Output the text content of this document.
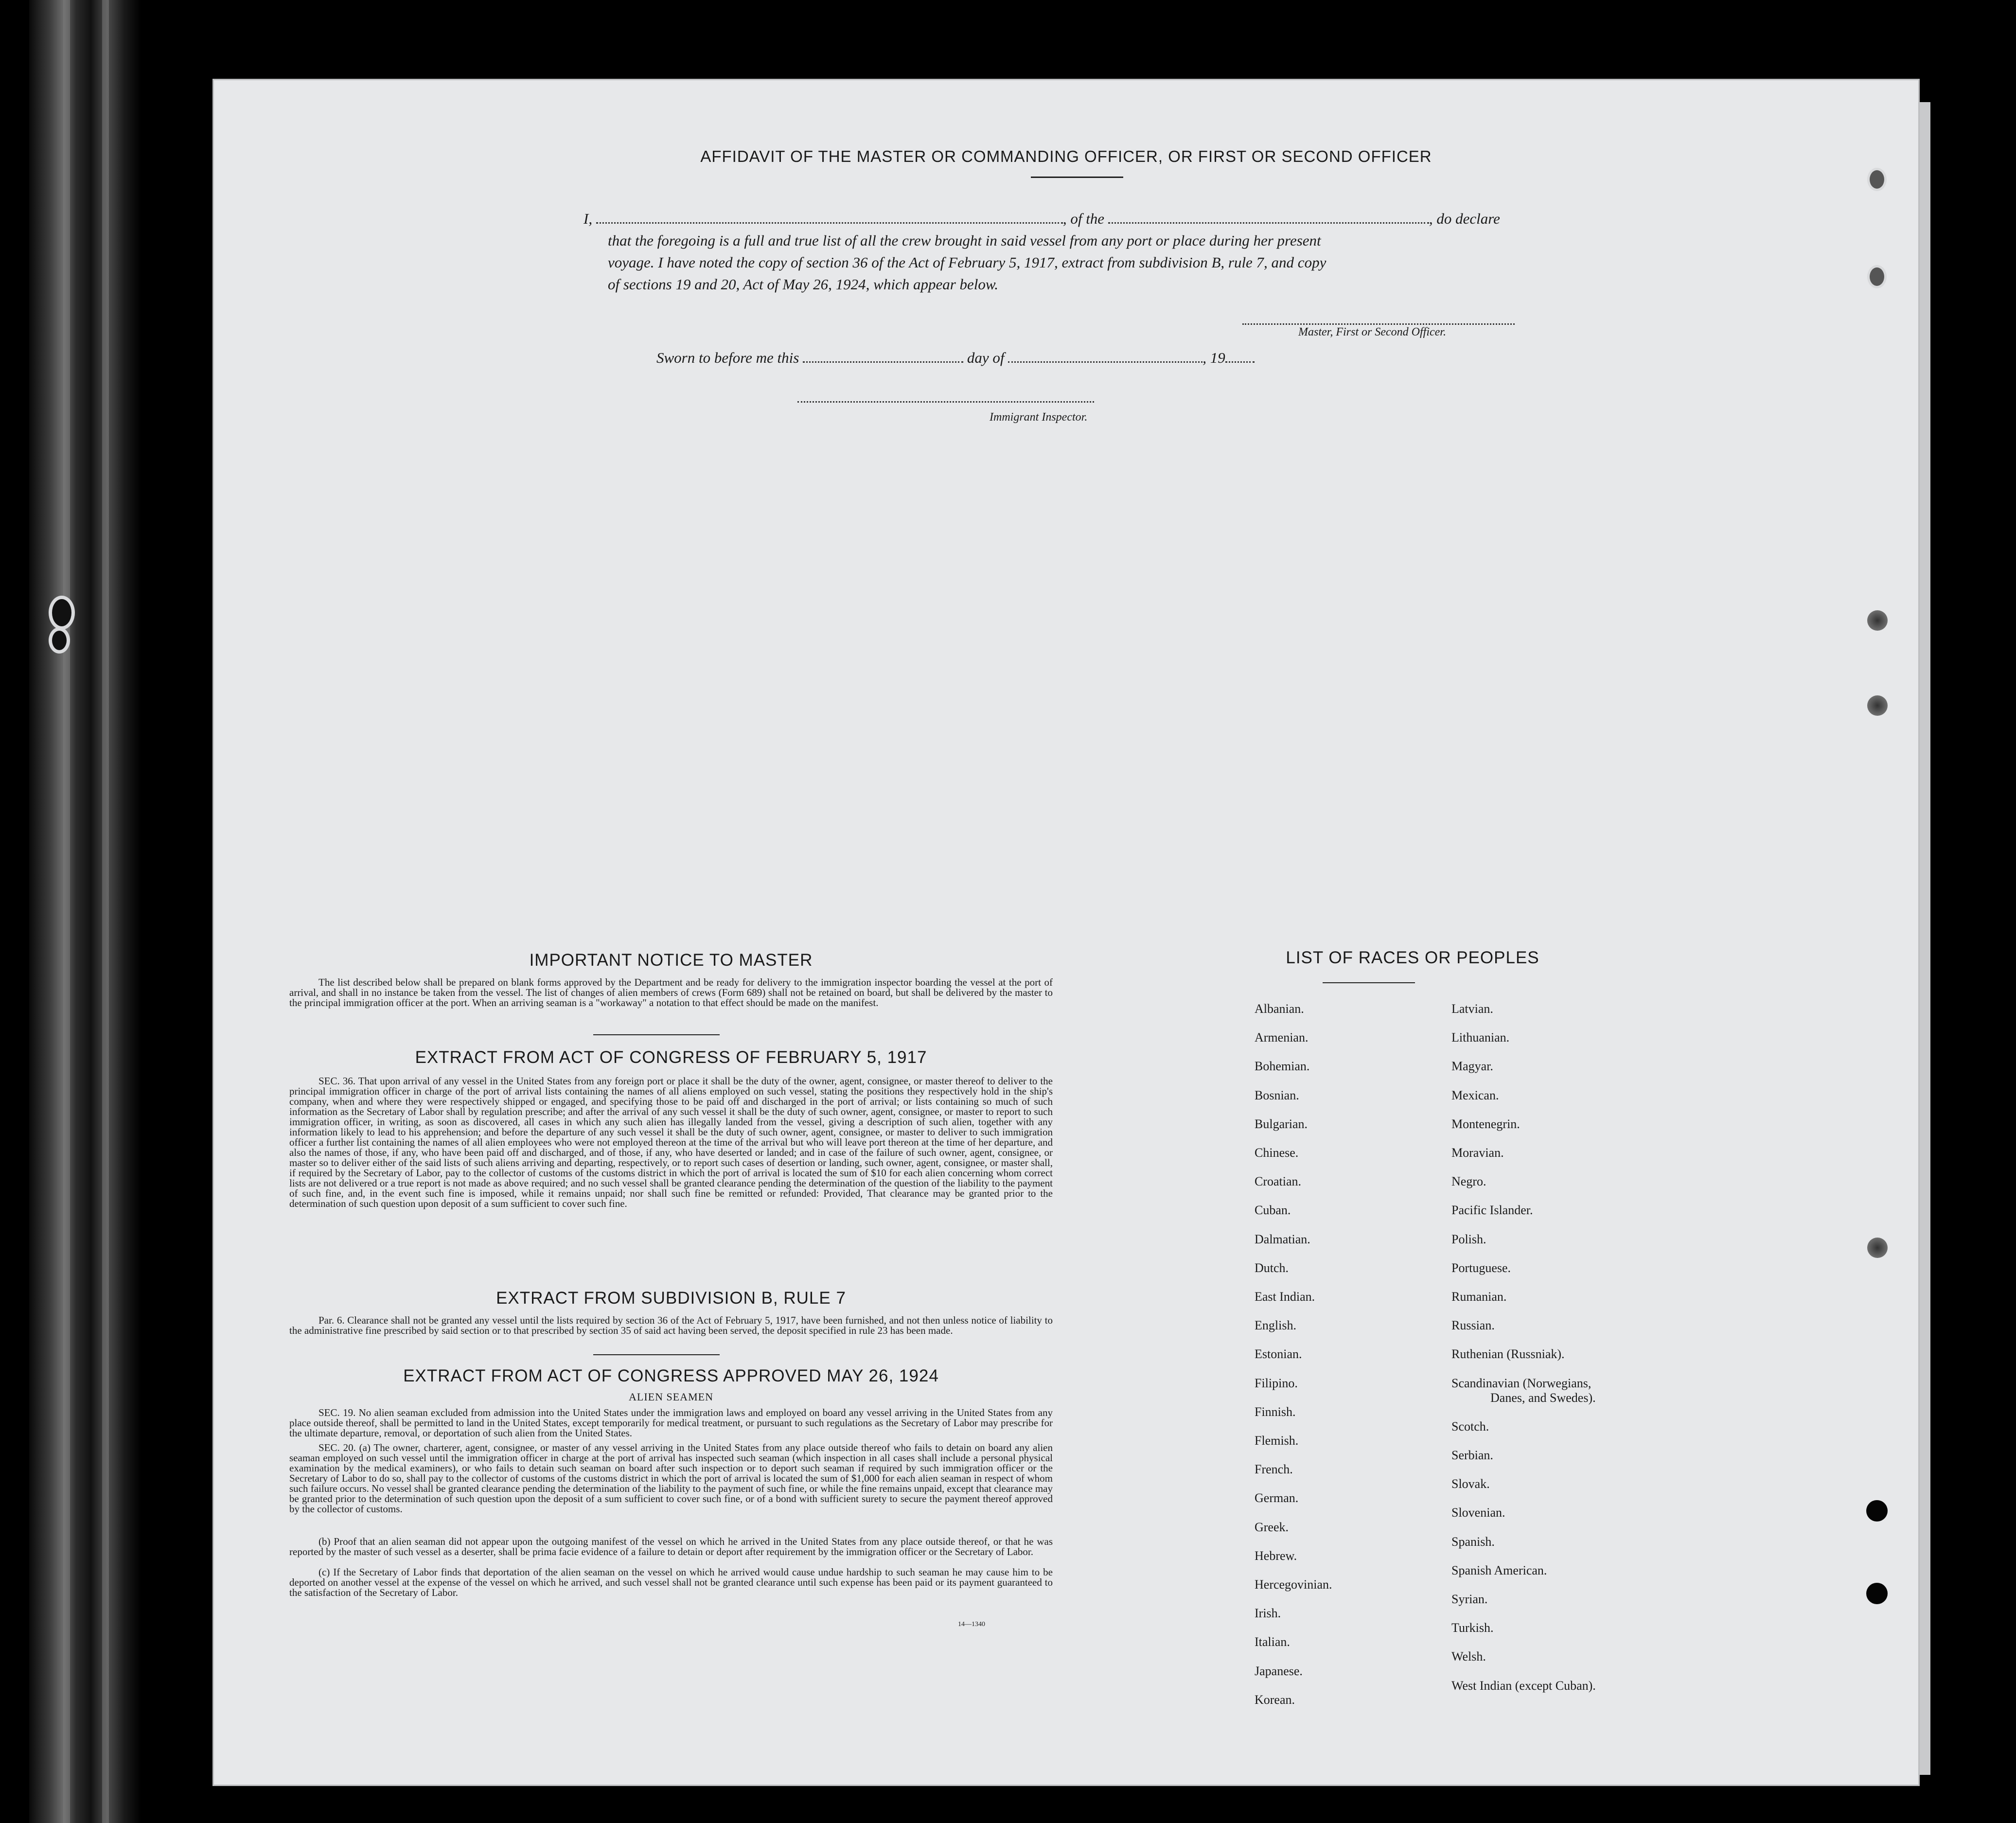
AFFIDAVIT OF THE MASTER OR COMMANDING OFFICER, OR FIRST OR SECOND OFFICER
I,	, of the	, do declare
that the foregoing is a full and true list of all the crew brought in said vessel from any port or place during her present
voyage. I have noted the copy of section 36 of the Act of February 5, 1917, extract from subdivision B, rule 7, and copy
of sections 19 and 20, Act of May 26, 1924, which appear below.
Master, First or Second Officer.
Sworn to before me this	day of	, 19
Immigrant Inspector.
IMPORTANT NOTICE TO MASTER
The list described below shall be prepared on blank forms approved by the Department and be ready for delivery to the immigration inspector boarding the vessel at the port of arrival, and shall in no instance be taken from the vessel. The list of changes of alien members of crews (Form 689) shall not be retained on board, but shall be delivered by the master to the principal immigration officer at the port. When an arriving seaman is a "workaway" a notation to that effect should be made on the manifest.
EXTRACT FROM ACT OF CONGRESS OF FEBRUARY 5, 1917
SEC. 36. That upon arrival of any vessel in the United States from any foreign port or place it shall be the duty of the owner, agent, consignee, or master thereof to deliver to the principal immigration officer in charge of the port of arrival lists containing the names of all aliens employed on such vessel, stating the positions they respectively hold in the ship's company, when and where they were respectively shipped or engaged, and specifying those to be paid off and discharged in the port of arrival; or lists containing so much of such information as the Secretary of Labor shall by regulation prescribe; and after the arrival of any such vessel it shall be the duty of such owner, agent, consignee, or master to report to such immigration officer, in writing, as soon as discovered, all cases in which any such alien has illegally landed from the vessel, giving a description of such alien, together with any information likely to lead to his apprehension; and before the departure of any such vessel it shall be the duty of such owner, agent, consignee, or master to deliver to such immigration officer a further list containing the names of all alien employees who were not employed thereon at the time of the arrival but who will leave port thereon at the time of her departure, and also the names of those, if any, who have been paid off and discharged, and of those, if any, who have deserted or landed; and in case of the failure of such owner, agent, consignee, or master so to deliver either of the said lists of such aliens arriving and departing, respectively, or to report such cases of desertion or landing, such owner, agent, consignee, or master shall, if required by the Secretary of Labor, pay to the collector of customs of the customs district in which the port of arrival is located the sum of $10 for each alien concerning whom correct lists are not delivered or a true report is not made as above required; and no such vessel shall be granted clearance pending the determination of the question of the liability to the payment of such fine, and, in the event such fine is imposed, while it remains unpaid; nor shall such fine be remitted or refunded: Provided, That clearance may be granted prior to the determination of such question upon deposit of a sum sufficient to cover such fine.
EXTRACT FROM SUBDIVISION B, RULE 7
Par. 6. Clearance shall not be granted any vessel until the lists required by section 36 of the Act of February 5, 1917, have been furnished, and not then unless notice of liability to the administrative fine prescribed by said section or to that prescribed by section 35 of said act having been served, the deposit specified in rule 23 has been made.
EXTRACT FROM ACT OF CONGRESS APPROVED MAY 26, 1924
ALIEN SEAMEN
SEC. 19. No alien seaman excluded from admission into the United States under the immigration laws and employed on board any vessel arriving in the United States from any place outside thereof, shall be permitted to land in the United States, except temporarily for medical treatment, or pursuant to such regulations as the Secretary of Labor may prescribe for the ultimate departure, removal, or deportation of such alien from the United States.
SEC. 20. (a) The owner, charterer, agent, consignee, or master of any vessel arriving in the United States from any place outside thereof who fails to detain on board any alien seaman employed on such vessel until the immigration officer in charge at the port of arrival has inspected such seaman (which inspection in all cases shall include a personal physical examination by the medical examiners), or who fails to detain such seaman on board after such inspection or to deport such seaman if required by such immigration officer or the Secretary of Labor to do so, shall pay to the collector of customs of the customs district in which the port of arrival is located the sum of $1,000 for each alien seaman in respect of whom such failure occurs. No vessel shall be granted clearance pending the determination of the liability to the payment of such fine, or while the fine remains unpaid, except that clearance may be granted prior to the determination of such question upon the deposit of a sum sufficient to cover such fine, or of a bond with sufficient surety to secure the payment thereof approved by the collector of customs.
(b) Proof that an alien seaman did not appear upon the outgoing manifest of the vessel on which he arrived in the United States from any place outside thereof, or that he was reported by the master of such vessel as a deserter, shall be prima facie evidence of a failure to detain or deport after requirement by the immigration officer or the Secretary of Labor.
(c) If the Secretary of Labor finds that deportation of the alien seaman on the vessel on which he arrived would cause undue hardship to such seaman he may cause him to be deported on another vessel at the expense of the vessel on which he arrived, and such vessel shall not be granted clearance until such expense has been paid or its payment guaranteed to the satisfaction of the Secretary of Labor.
14—1340
LIST OF RACES OR PEOPLES
Albanian.
Armenian.
Bohemian.
Bosnian.
Bulgarian.
Chinese.
Croatian.
Cuban.
Dalmatian.
Dutch.
East Indian.
English.
Estonian.
Filipino.
Finnish.
Flemish.
French.
German.
Greek.
Hebrew.
Hercegovinian.
Irish.
Italian.
Japanese.
Korean.
Latvian.
Lithuanian.
Magyar.
Mexican.
Montenegrin.
Moravian.
Negro.
Pacific Islander.
Polish.
Portuguese.
Rumanian.
Russian.
Ruthenian (Russniak).
Scandinavian (Norwegians,
Danes, and Swedes).
Scotch.
Serbian.
Slovak.
Slovenian.
Spanish.
Spanish American.
Syrian.
Turkish.
Welsh.
West Indian (except Cuban).
